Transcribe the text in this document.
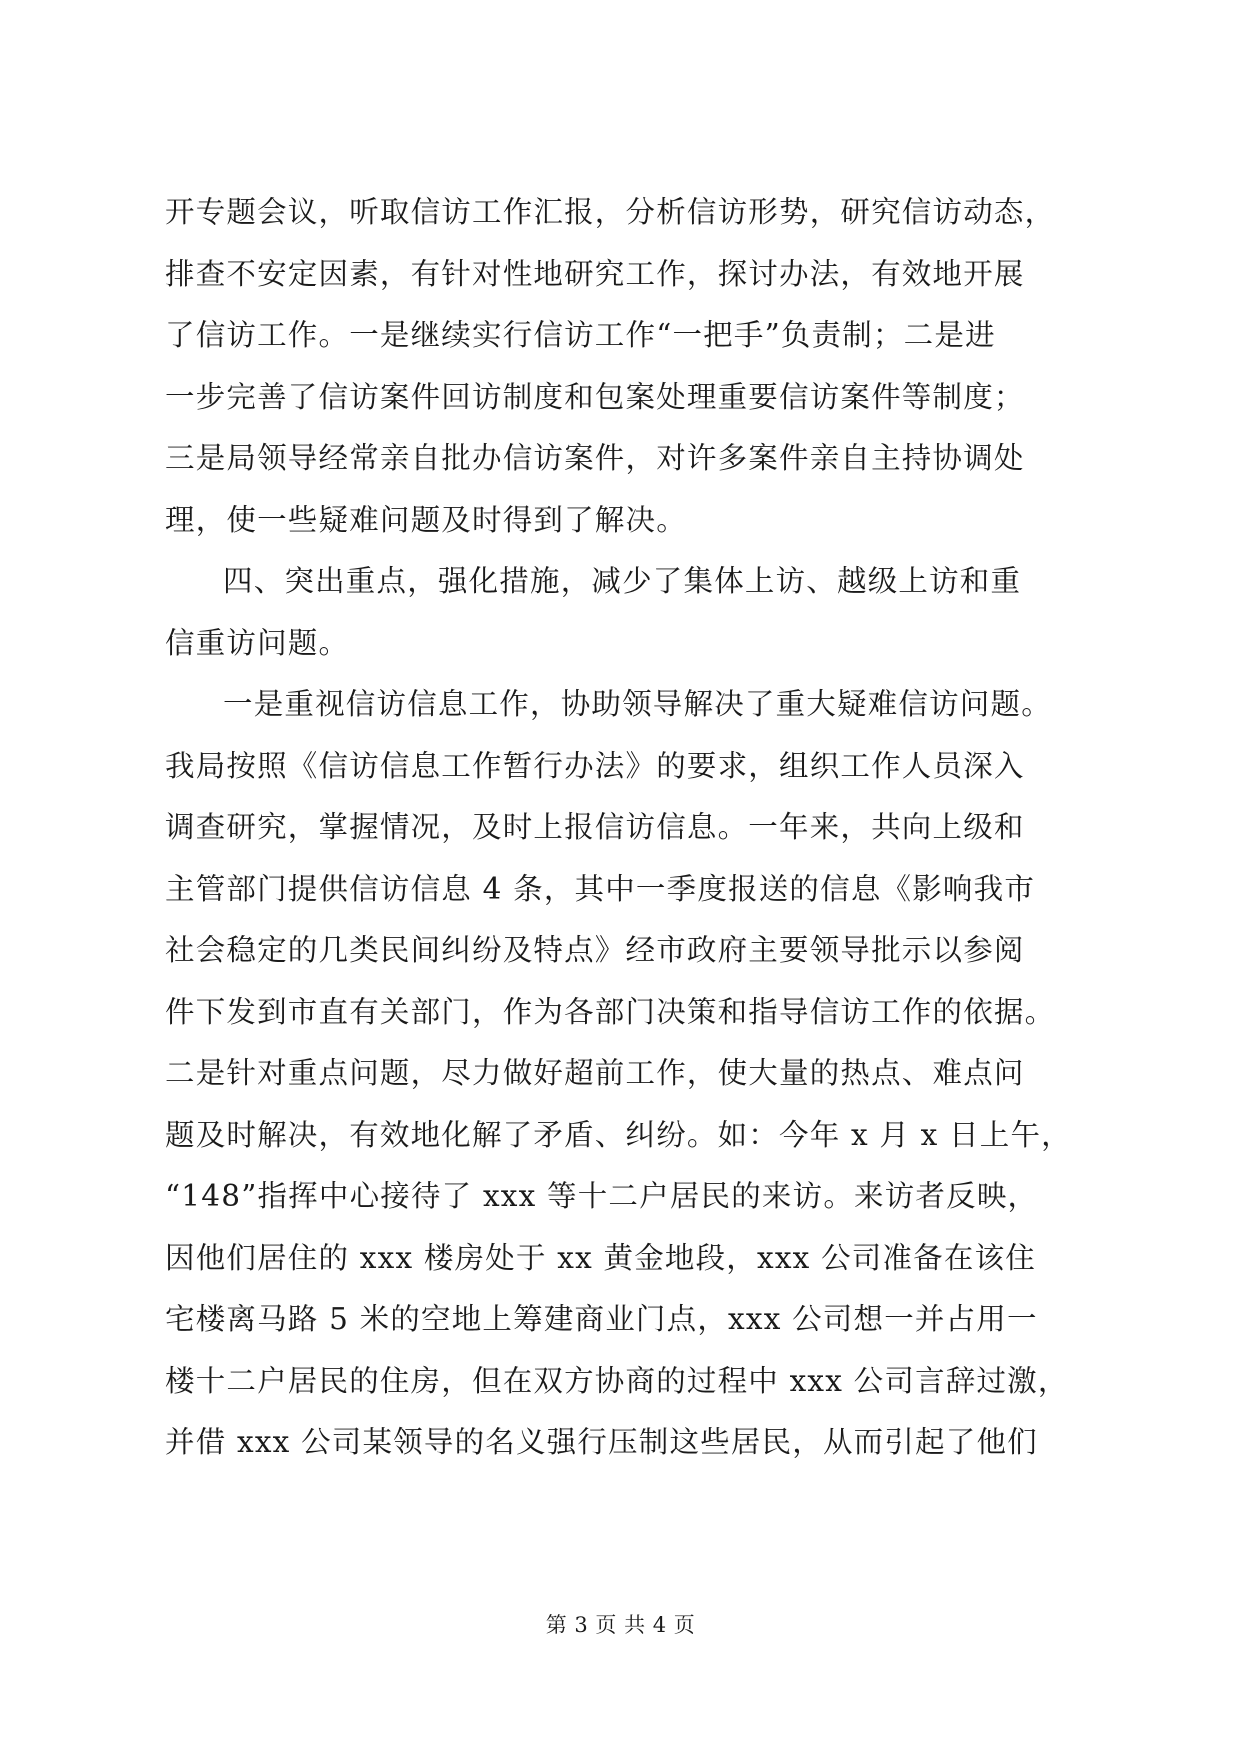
开专题会议，听取信访工作汇报，分析信访形势，研究信访动态，
排查不安定因素，有针对性地研究工作，探讨办法，有效地开展
了信访工作。一是继续实行信访工作“一把手”负责制；二是进
一步完善了信访案件回访制度和包案处理重要信访案件等制度；
三是局领导经常亲自批办信访案件，对许多案件亲自主持协调处
理，使一些疑难问题及时得到了解决。
四、突出重点，强化措施，减少了集体上访、越级上访和重
信重访问题。
一是重视信访信息工作，协助领导解决了重大疑难信访问题。
我局按照《信访信息工作暂行办法》的要求，组织工作人员深入
调查研究，掌握情况，及时上报信访信息。一年来，共向上级和
主管部门提供信访信息 4 条，其中一季度报送的信息《影响我市
社会稳定的几类民间纠纷及特点》经市政府主要领导批示以参阅
件下发到市直有关部门，作为各部门决策和指导信访工作的依据。
二是针对重点问题，尽力做好超前工作，使大量的热点、难点问
题及时解决，有效地化解了矛盾、纠纷。如：今年 x 月 x 日上午，
“148”指挥中心接待了 xxx 等十二户居民的来访。来访者反映，
因他们居住的 xxx 楼房处于 xx 黄金地段，xxx 公司准备在该住
宅楼离马路 5 米的空地上筹建商业门点，xxx 公司想一并占用一
楼十二户居民的住房，但在双方协商的过程中 xxx 公司言辞过激，
并借 xxx 公司某领导的名义强行压制这些居民，从而引起了他们
第 3 页 共 4 页
